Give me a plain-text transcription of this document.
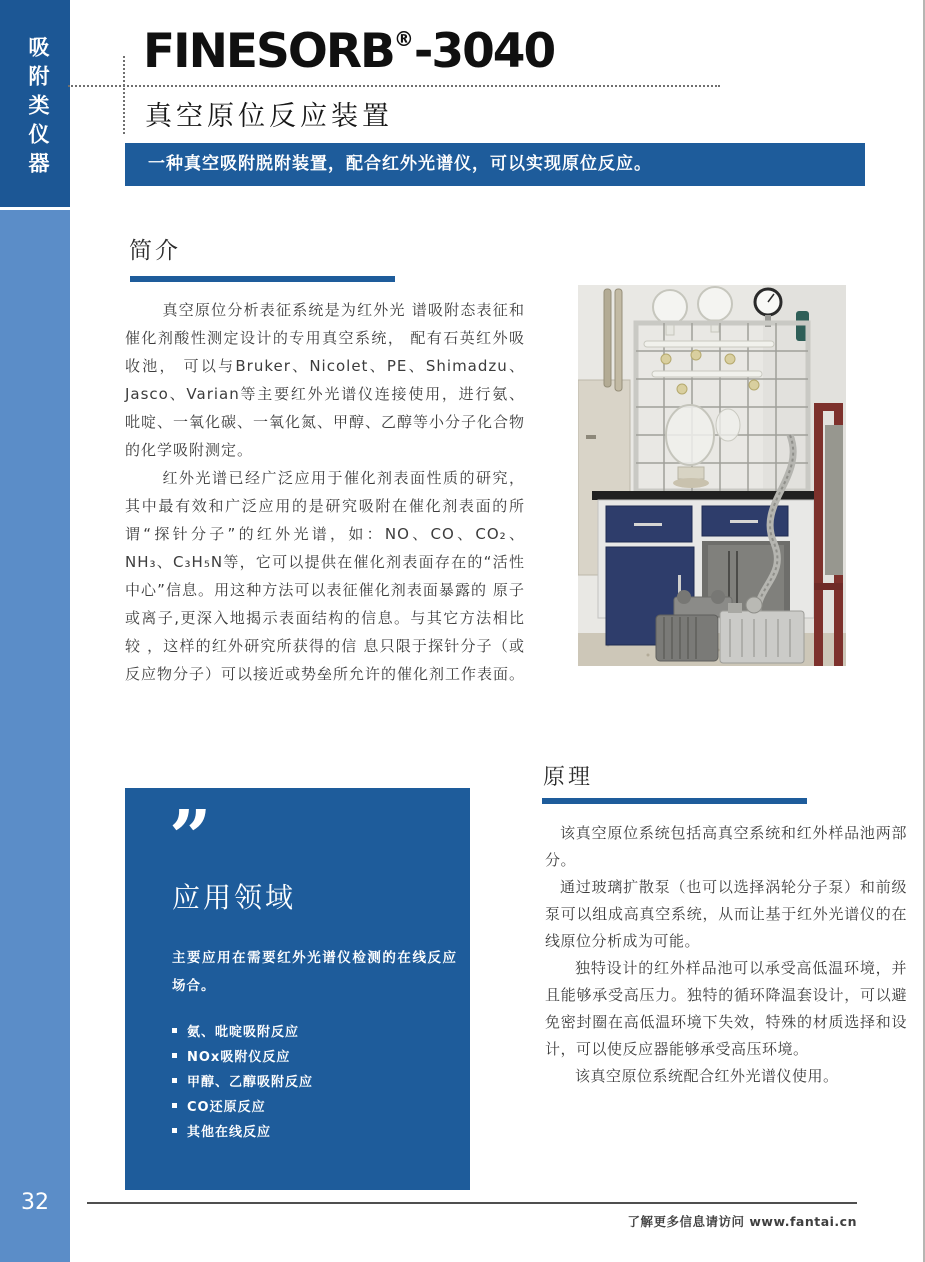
吸附类仪器
32
FINESORB®-3040
真空原位反应装置
一种真空吸附脱附装置，配合红外光谱仪，可以实现原位反应。
简介

真空原位分析表征系统是为红外光 谱吸附态表征和催化剂酸性测定设计的专用真空系统， 配有石英红外吸收池， 可以与Bruker、Nicolet、PE、Shimadzu、Jasco、Varian等主要红外光谱仪连接使用，进行氨、吡啶、一氧化碳、一氧化氮、甲醇、乙醇等小分子化合物的化学吸附测定。

红外光谱已经广泛应用于催化剂表面性质的研究，其中最有效和广泛应用的是研究吸附在催化剂表面的所谓“探针分子”的红外光谱，如：NO、CO、CO₂、NH₃、C₃H₅N等，它可以提供在催化剂表面存在的“活性中心”信息。用这种方法可以表征催化剂表面暴露的 原子或离子,更深入地揭示表面结构的信息。与其它方法相比较 ，这样的红外研究所获得的信 息只限于探针分子（或反应物分子）可以接近或势垒所允许的催化剂工作表面。

”
应用领域
主要应用在需要红外光谱仪检测的在线反应场合。
氨、吡啶吸附反应
NOx吸附仪反应
甲醇、乙醇吸附反应
CO还原反应
其他在线反应
原理

该真空原位系统包括高真空系统和红外样品池两部分。

通过玻璃扩散泵（也可以选择涡轮分子泵）和前级泵可以组成高真空系统，从而让基于红外光谱仪的在线原位分析成为可能。

独特设计的红外样品池可以承受高低温环境，并且能够承受高压力。独特的循环降温套设计，可以避免密封圈在高低温环境下失效，特殊的材质选择和设计，可以使反应器能够承受高压环境。

该真空原位系统配合红外光谱仪使用。

了解更多信息请访问 www.fantai.cn
